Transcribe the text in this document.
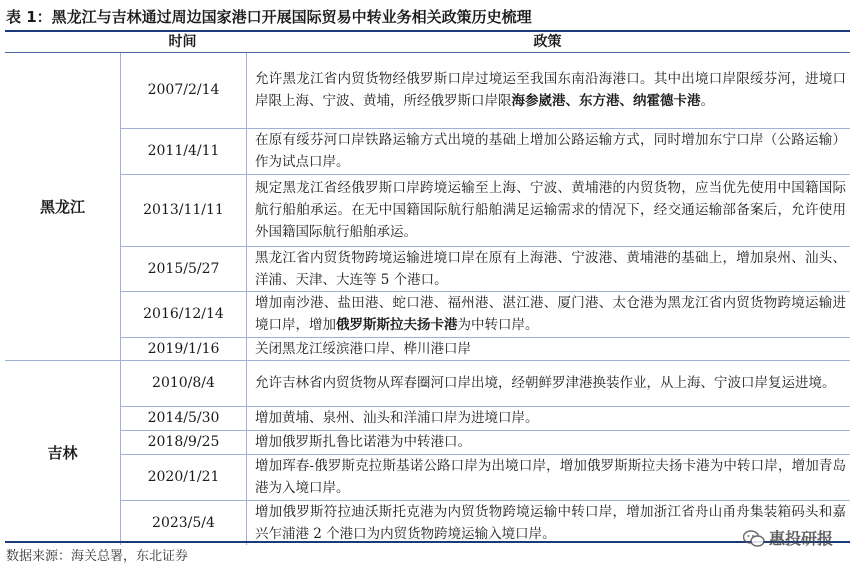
表 1：黑龙江与吉林通过周边国家港口开展国际贸易中转业务相关政策历史梳理
时间	政策
黑龙江	2007/2/14	允许黑龙江省内贸货物经俄罗斯口岸过境运至我国东南沿海港口。其中出境口岸限绥芬河，进境口岸限上海、宁波、黄埔，所经俄罗斯口岸限海参崴港、东方港、纳霍德卡港。
	2011/4/11	在原有绥芬河口岸铁路运输方式出境的基础上增加公路运输方式，同时增加东宁口岸（公路运输）作为试点口岸。
	2013/11/11	规定黑龙江省经俄罗斯口岸跨境运输至上海、宁波、黄埔港的内贸货物，应当优先使用中国籍国际航行船舶承运。在无中国籍国际航行船舶满足运输需求的情况下，经交通运输部备案后，允许使用外国籍国际航行船舶承运。
	2015/5/27	黑龙江省内贸货物跨境运输进境口岸在原有上海港、宁波港、黄埔港的基础上，增加泉州、汕头、洋浦、天津、大连等 5 个港口。
	2016/12/14	增加南沙港、盐田港、蛇口港、福州港、湛江港、厦门港、太仓港为黑龙江省内贸货物跨境运输进境口岸，增加俄罗斯斯拉夫扬卡港为中转口岸。
	2019/1/16	关闭黑龙江绥滨港口岸、桦川港口岸
吉林	2010/8/4	允许吉林省内贸货物从珲春圈河口岸出境，经朝鲜罗津港换装作业，从上海、宁波口岸复运进境。
	2014/5/30	增加黄埔、泉州、汕头和洋浦口岸为进境口岸。
	2018/9/25	增加俄罗斯扎鲁比诺港为中转港口。
	2020/1/21	增加珲春-俄罗斯克拉斯基诺公路口岸为出境口岸，增加俄罗斯斯拉夫扬卡港为中转口岸，增加青岛港为入境口岸。
	2023/5/4	增加俄罗斯符拉迪沃斯托克港为内贸货物跨境运输中转口岸，增加浙江省舟山甬舟集装箱码头和嘉兴乍浦港 2 个港口为内贸货物跨境运输入境口岸。
数据来源：海关总署，东北证券
惠投研报
